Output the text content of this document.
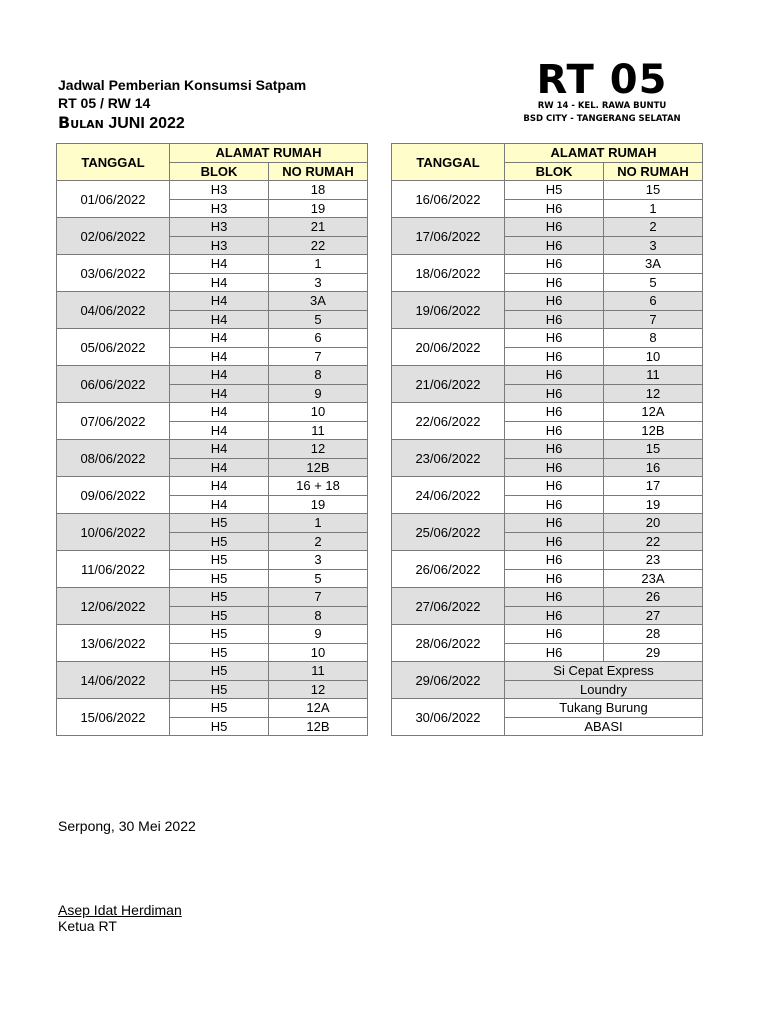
Jadwal Pemberian Konsumsi Satpam
RT 05 / RW 14
Bulan JUNI 2022
RT 05
RW 14 - KEL. RAWA BUNTU
BSD CITY - TANGERANG SELATAN
TANGGAL	ALAMAT RUMAH	
	BLOK	NO RUMAH
01/06/2022	H3	18
	H3	19
02/06/2022	H3	21
	H3	22
03/06/2022	H4	1
	H4	3
04/06/2022	H4	3A
	H4	5
05/06/2022	H4	6
	H4	7
06/06/2022	H4	8
	H4	9
07/06/2022	H4	10
	H4	11
08/06/2022	H4	12
	H4	12B
09/06/2022	H4	16 + 18
	H4	19
10/06/2022	H5	1
	H5	2
11/06/2022	H5	3
	H5	5
12/06/2022	H5	7
	H5	8
13/06/2022	H5	9
	H5	10
14/06/2022	H5	11
	H5	12
15/06/2022	H5	12A
	H5	12B
TANGGAL	ALAMAT RUMAH	
	BLOK	NO RUMAH
16/06/2022	H5	15
	H6	1
17/06/2022	H6	2
	H6	3
18/06/2022	H6	3A
	H6	5
19/06/2022	H6	6
	H6	7
20/06/2022	H6	8
	H6	10
21/06/2022	H6	11
	H6	12
22/06/2022	H6	12A
	H6	12B
23/06/2022	H6	15
	H6	16
24/06/2022	H6	17
	H6	19
25/06/2022	H6	20
	H6	22
26/06/2022	H6	23
	H6	23A
27/06/2022	H6	26
	H6	27
28/06/2022	H6	28
	H6	29
29/06/2022	Si Cepat Express	
	Loundry	
30/06/2022	Tukang Burung	
	ABASI	
Serpong, 30 Mei 2022
Asep Idat Herdiman
Ketua RT
